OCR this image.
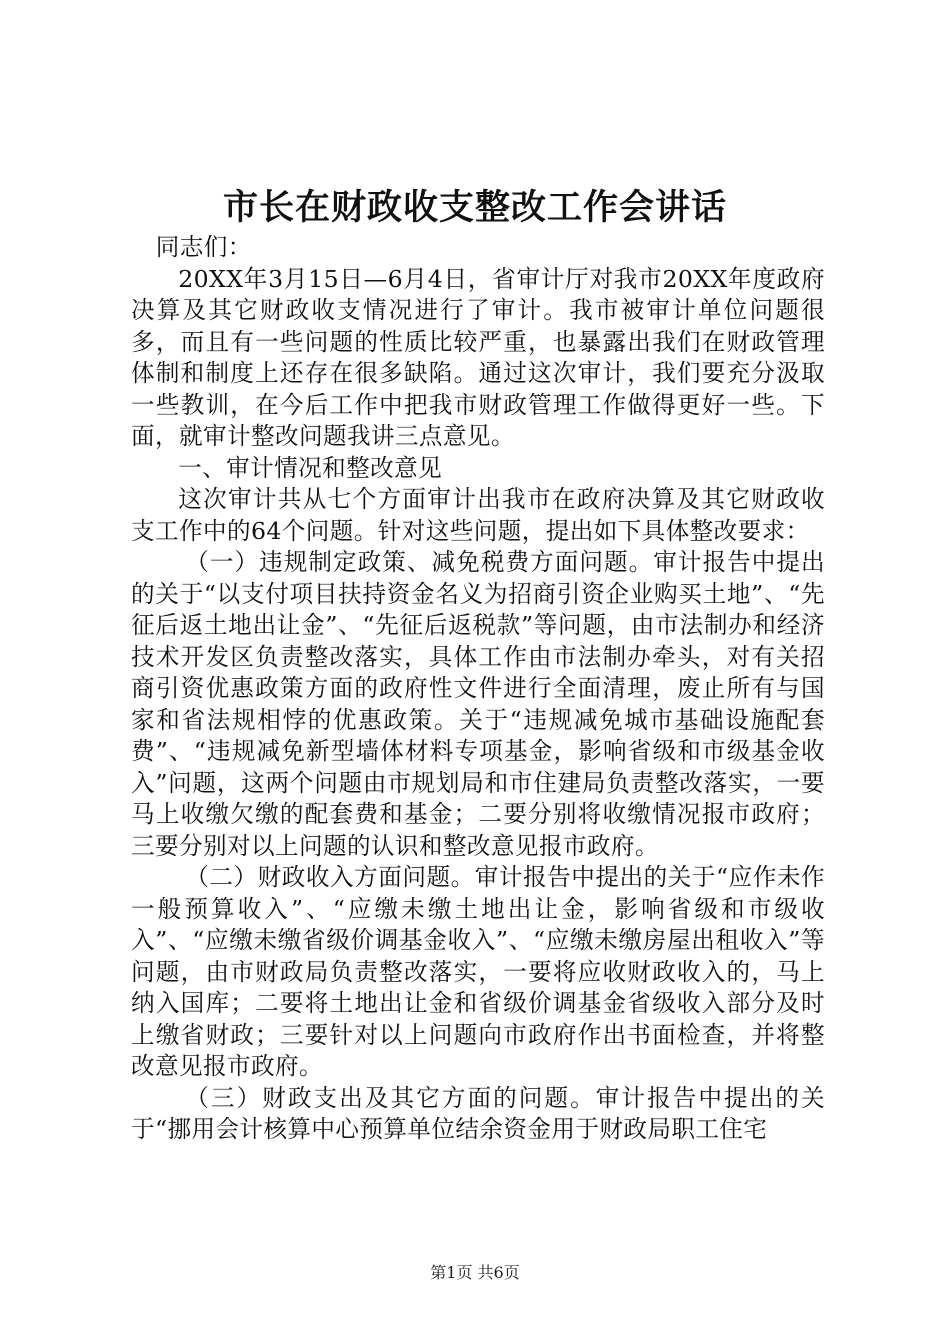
市长在财政收支整改工作会讲话

同志们：

20XX年3月15日—6月4日，省审计厅对我市20XX年度政府决算及其它财政收支情况进行了审计。我市被审计单位问题很多，而且有一些问题的性质比较严重，也暴露出我们在财政管理体制和制度上还存在很多缺陷。通过这次审计，我们要充分汲取一些教训，在今后工作中把我市财政管理工作做得更好一些。下面，就审计整改问题我讲三点意见。

一、审计情况和整改意见

这次审计共从七个方面审计出我市在政府决算及其它财政收支工作中的64个问题。针对这些问题，提出如下具体整改要求：

（一）违规制定政策、减免税费方面问题。审计报告中提出的关于“以支付项目扶持资金名义为招商引资企业购买土地”、“先征后返土地出让金”、“先征后返税款”等问题，由市法制办和经济技术开发区负责整改落实，具体工作由市法制办牵头，对有关招商引资优惠政策方面的政府性文件进行全面清理，废止所有与国家和省法规相悖的优惠政策。关于“违规减免城市基础设施配套费”、“违规减免新型墙体材料专项基金，影响省级和市级基金收入”问题，这两个问题由市规划局和市住建局负责整改落实，一要马上收缴欠缴的配套费和基金；二要分别将收缴情况报市政府；三要分别对以上问题的认识和整改意见报市政府。

（二）财政收入方面问题。审计报告中提出的关于“应作未作一般预算收入”、“应缴未缴土地出让金，影响省级和市级收入”、“应缴未缴省级价调基金收入”、“应缴未缴房屋出租收入”等问题，由市财政局负责整改落实，一要将应收财政收入的，马上纳入国库；二要将土地出让金和省级价调基金省级收入部分及时上缴省财政；三要针对以上问题向市政府作出书面检查，并将整改意见报市政府。

（三）财政支出及其它方面的问题。审计报告中提出的关于“挪用会计核算中心预算单位结余资金用于财政局职工住宅

第1页 共6页
